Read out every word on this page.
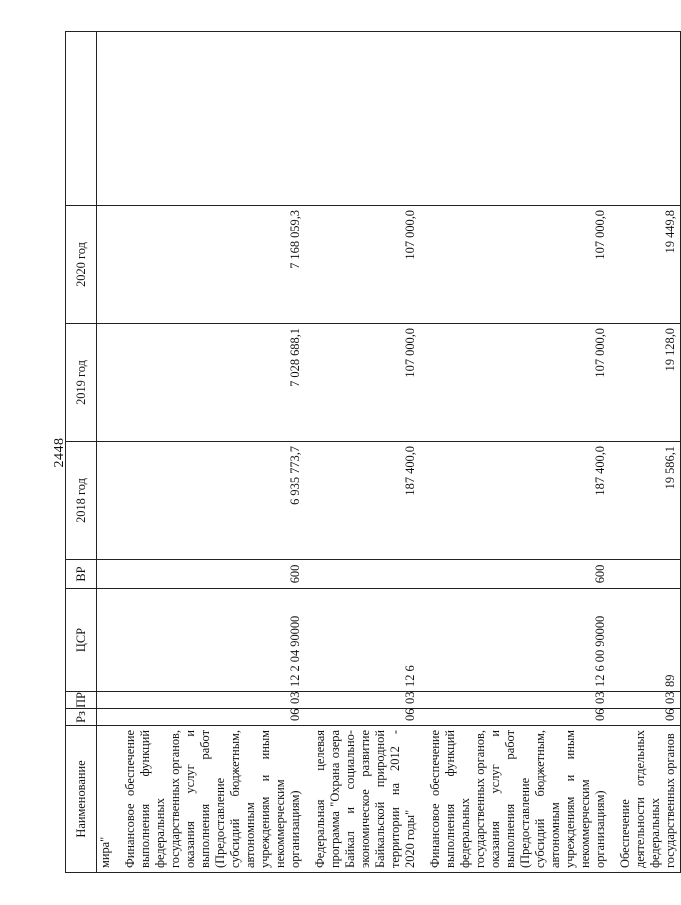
2448
Наименование	Рз	ПР	ЦСР	ВР	2018 год	2019 год	2020 год	
мира"								

Финансовое обеспечение выполнения функций федеральных государственных органов, оказания услуг и выполнения работ (Предоставление субсидий бюджетным, автономным учреждениям и иным некоммерческим организациям)	06	03	12 2 04 90000	600	6 935 773,7	7 028 688,1	7 168 059,3	

Федеральная целевая программа "Охрана озера Байкал и социально-экономическое развитие Байкальской природной территории на 2012 - 2020 годы"	06	03	12 6		187 400,0	107 000,0	107 000,0	

Финансовое обеспечение выполнения функций федеральных государственных органов, оказания услуг и выполнения работ (Предоставление субсидий бюджетным, автономным учреждениям и иным некоммерческим организациям)	06	03	12 6 00 90000	600	187 400,0	107 000,0	107 000,0	

Обеспечение деятельности отдельных федеральных государственных органов	06	03	89		19 586,1	19 128,0	19 449,8	
